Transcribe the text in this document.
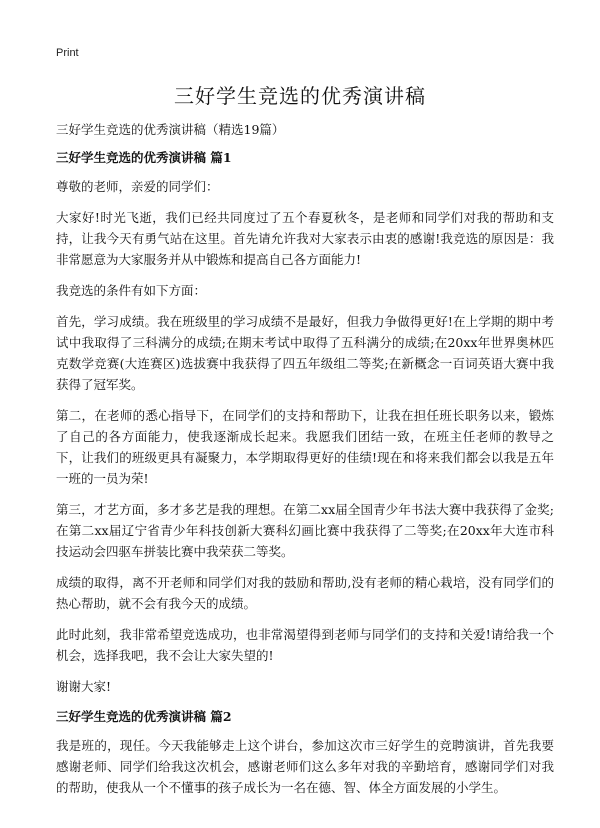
Print
三好学生竞选的优秀演讲稿

三好学生竞选的优秀演讲稿（精选19篇）

三好学生竞选的优秀演讲稿 篇1

尊敬的老师，亲爱的同学们：

大家好!时光飞逝，我们已经共同度过了五个春夏秋冬，是老师和同学们对我的帮助和支持，让我今天有勇气站在这里。首先请允许我对大家表示由衷的感谢!我竞选的原因是：我非常愿意为大家服务并从中锻炼和提高自己各方面能力!

我竞选的条件有如下方面：

首先，学习成绩。我在班级里的学习成绩不是最好，但我力争做得更好!在上学期的期中考试中我取得了三科满分的成绩;在期末考试中取得了五科满分的成绩;在20xx年世界奥林匹克数学竞赛(大连赛区)选拔赛中我获得了四五年级组二等奖;在新概念一百词英语大赛中我获得了冠军奖。

第二，在老师的悉心指导下，在同学们的支持和帮助下，让我在担任班长职务以来，锻炼了自己的各方面能力，使我逐渐成长起来。我愿我们团结一致，在班主任老师的教导之下，让我们的班级更具有凝聚力，本学期取得更好的佳绩!现在和将来我们都会以我是五年一班的一员为荣!

第三，才艺方面，多才多艺是我的理想。在第二xx届全国青少年书法大赛中我获得了金奖;在第二xx届辽宁省青少年科技创新大赛科幻画比赛中我获得了二等奖;在20xx年大连市科技运动会四驱车拼装比赛中我荣获二等奖。

成绩的取得，离不开老师和同学们对我的鼓励和帮助,没有老师的精心栽培，没有同学们的热心帮助，就不会有我今天的成绩。

此时此刻，我非常希望竞选成功，也非常渴望得到老师与同学们的支持和关爱!请给我一个机会，选择我吧，我不会让大家失望的!

谢谢大家!

三好学生竞选的优秀演讲稿 篇2

我是班的，现任。今天我能够走上这个讲台，参加这次市三好学生的竞聘演讲，首先我要感谢老师、同学们给我这次机会，感谢老师们这么多年对我的辛勤培育，感谢同学们对我的帮助，使我从一个不懂事的孩子成长为一名在德、智、体全方面发展的小学生。
